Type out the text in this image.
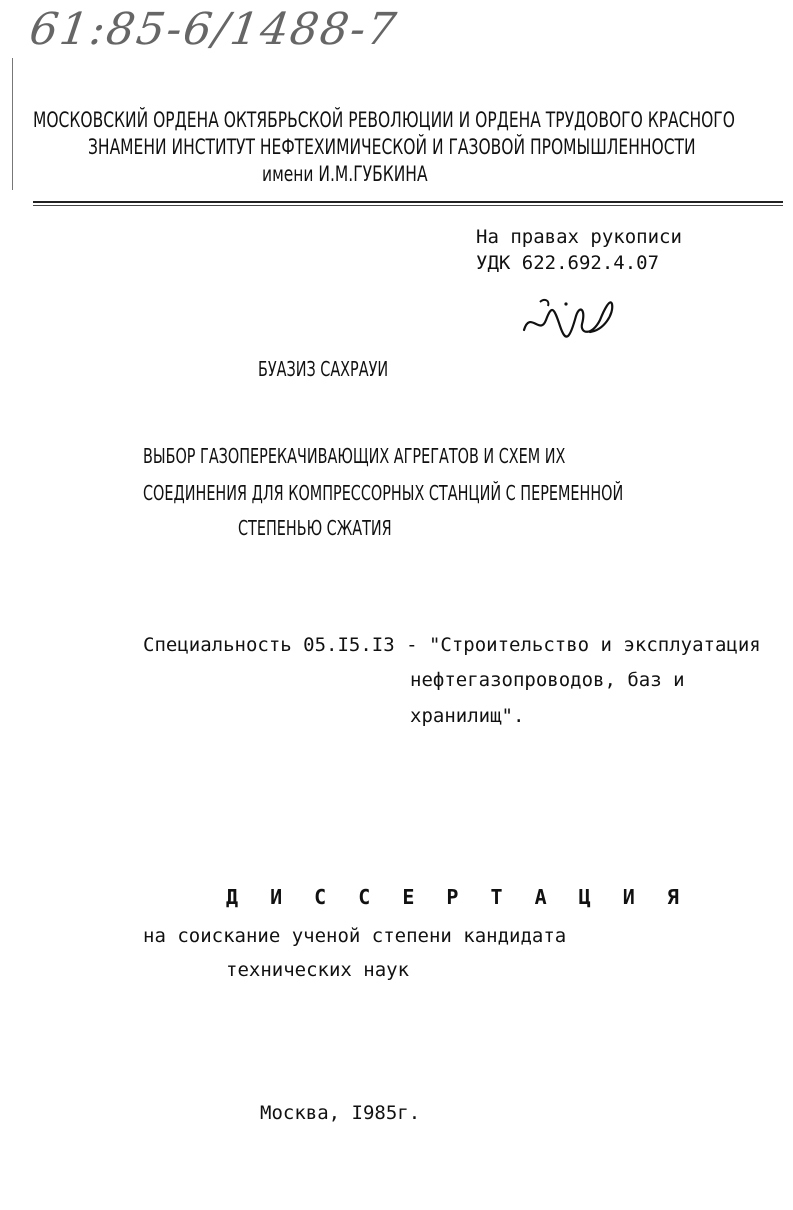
61:85-6/1488-7
МОСКОВСКИЙ ОРДЕНА ОКТЯБРЬСКОЙ РЕВОЛЮЦИИ И ОРДЕНА ТРУДОВОГО КРАСНОГО
ЗНАМЕНИ ИНСТИТУТ НЕФТЕХИМИЧЕСКОЙ И ГАЗОВОЙ ПРОМЫШЛЕННОСТИ
имени И.М.ГУБКИНА
На правах рукописи
УДК 622.692.4.07
БУАЗИЗ САХРАУИ
ВЫБОР ГАЗОПЕРЕКАЧИВАЮЩИХ АГРЕГАТОВ И СХЕМ ИХ
СОЕДИНЕНИЯ ДЛЯ КОМПРЕССОРНЫХ СТАНЦИЙ С ПЕРЕМЕННОЙ
СТЕПЕНЬЮ СЖАТИЯ
Специальность 05.I5.I3 - "Строительство и эксплуатация
нефтегазопроводов, баз и
хранилищ".
Д И С С Е Р Т А Ц И Я
на соискание ученой степени кандидата
технических наук
Москва, I985г.
